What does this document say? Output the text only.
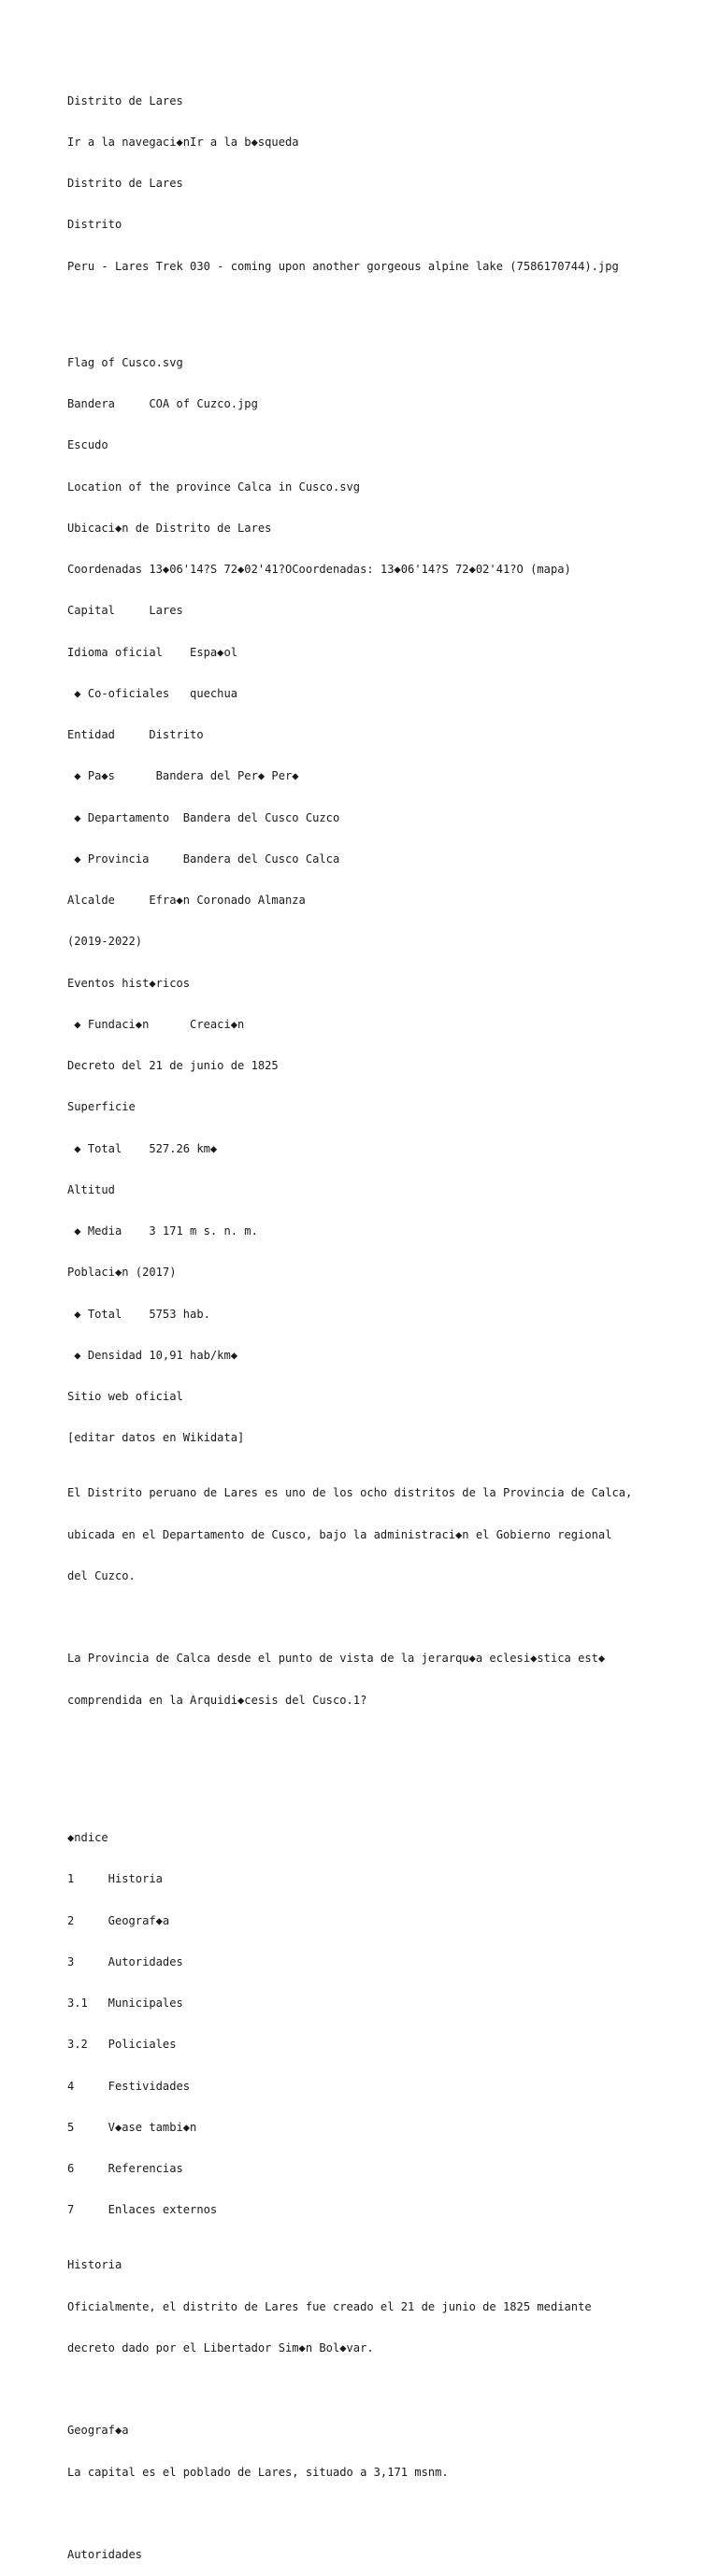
Distrito de Lares

Ir a la navegaci◆nIr a la b◆squeda

Distrito de Lares

Distrito

Peru - Lares Trek 030 - coming upon another gorgeous alpine lake (7586170744).jpg

Flag of Cusco.svg

Bandera     COA of Cuzco.jpg

Escudo

Location of the province Calca in Cusco.svg

Ubicaci◆n de Distrito de Lares

Coordenadas 13◆06'14?S 72◆02'41?OCoordenadas: 13◆06'14?S 72◆02'41?O (mapa)

Capital     Lares

Idioma oficial    Espa◆ol

◆ Co-oficiales   quechua

Entidad     Distrito

◆ Pa◆s      Bandera del Per◆ Per◆

◆ Departamento  Bandera del Cusco Cuzco

◆ Provincia     Bandera del Cusco Calca

Alcalde     Efra◆n Coronado Almanza

(2019-2022)

Eventos hist◆ricos

◆ Fundaci◆n      Creaci◆n

Decreto del 21 de junio de 1825

Superficie

◆ Total    527.26 km◆

Altitud

◆ Media    3 171 m s. n. m.

Poblaci◆n (2017)

◆ Total    5753 hab.

◆ Densidad 10,91 hab/km◆

Sitio web oficial

[editar datos en Wikidata]

El Distrito peruano de Lares es uno de los ocho distritos de la Provincia de Calca,

ubicada en el Departamento de Cusco, bajo la administraci◆n el Gobierno regional

del Cuzco.

La Provincia de Calca desde el punto de vista de la jerarqu◆a eclesi◆stica est◆

comprendida en la Arquidi◆cesis del Cusco.1?

◆ndice

1     Historia

2     Geograf◆a

3     Autoridades

3.1   Municipales

3.2   Policiales

4     Festividades

5     V◆ase tambi◆n

6     Referencias

7     Enlaces externos

Historia

Oficialmente, el distrito de Lares fue creado el 21 de junio de 1825 mediante

decreto dado por el Libertador Sim◆n Bol◆var.

Geograf◆a

La capital es el poblado de Lares, situado a 3,171 msnm.

Autoridades
